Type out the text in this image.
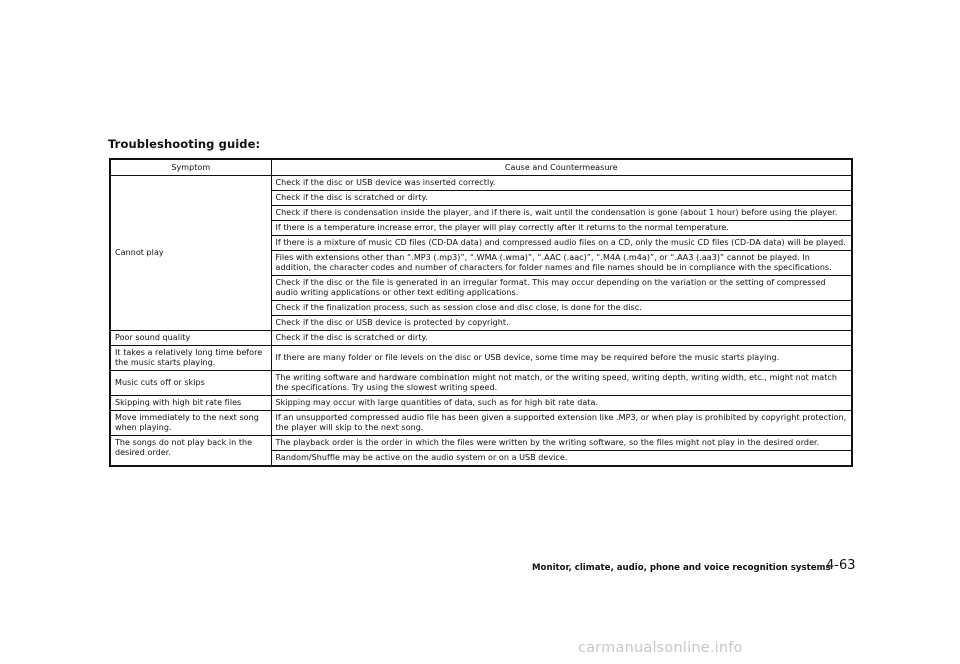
Troubleshooting guide:
Symptom	Cause and Countermeasure
Cannot play	Check if the disc or USB device was inserted correctly.
	Check if the disc is scratched or dirty.
	Check if there is condensation inside the player, and if there is, wait until the condensation is gone (about 1 hour) before using the player.
	If there is a temperature increase error, the player will play correctly after it returns to the normal temperature.
	If there is a mixture of music CD files (CD-DA data) and compressed audio files on a CD, only the music CD files (CD-DA data) will be played.
	Files with extensions other than “.MP3 (.mp3)”, “.WMA (.wma)”, “.AAC (.aac)”, “.M4A (.m4a)”, or “.AA3 (.aa3)” cannot be played. In addition, the character codes and number of characters for folder names and file names should be in compliance with the specifications.
	Check if the disc or the file is generated in an irregular format. This may occur depending on the variation or the setting of compressed audio writing applications or other text editing applications.
	Check if the finalization process, such as session close and disc close, is done for the disc.
	Check if the disc or USB device is protected by copyright.
Poor sound quality	Check if the disc is scratched or dirty.
It takes a relatively long time before the music starts playing.	If there are many folder or file levels on the disc or USB device, some time may be required before the music starts playing.
Music cuts off or skips	The writing software and hardware combination might not match, or the writing speed, writing depth, writing width, etc., might not match the specifications. Try using the slowest writing speed.
Skipping with high bit rate files	Skipping may occur with large quantities of data, such as for high bit rate data.
Move immediately to the next song when playing.	If an unsupported compressed audio file has been given a supported extension like .MP3, or when play is prohibited by copyright protection, the player will skip to the next song.
The songs do not play back in the desired order.	The playback order is the order in which the files were written by the writing software, so the files might not play in the desired order.
	Random/Shuffle may be active on the audio system or on a USB device.
Monitor, climate, audio, phone and voice recognition systems
4-63
carmanualsonline.info
